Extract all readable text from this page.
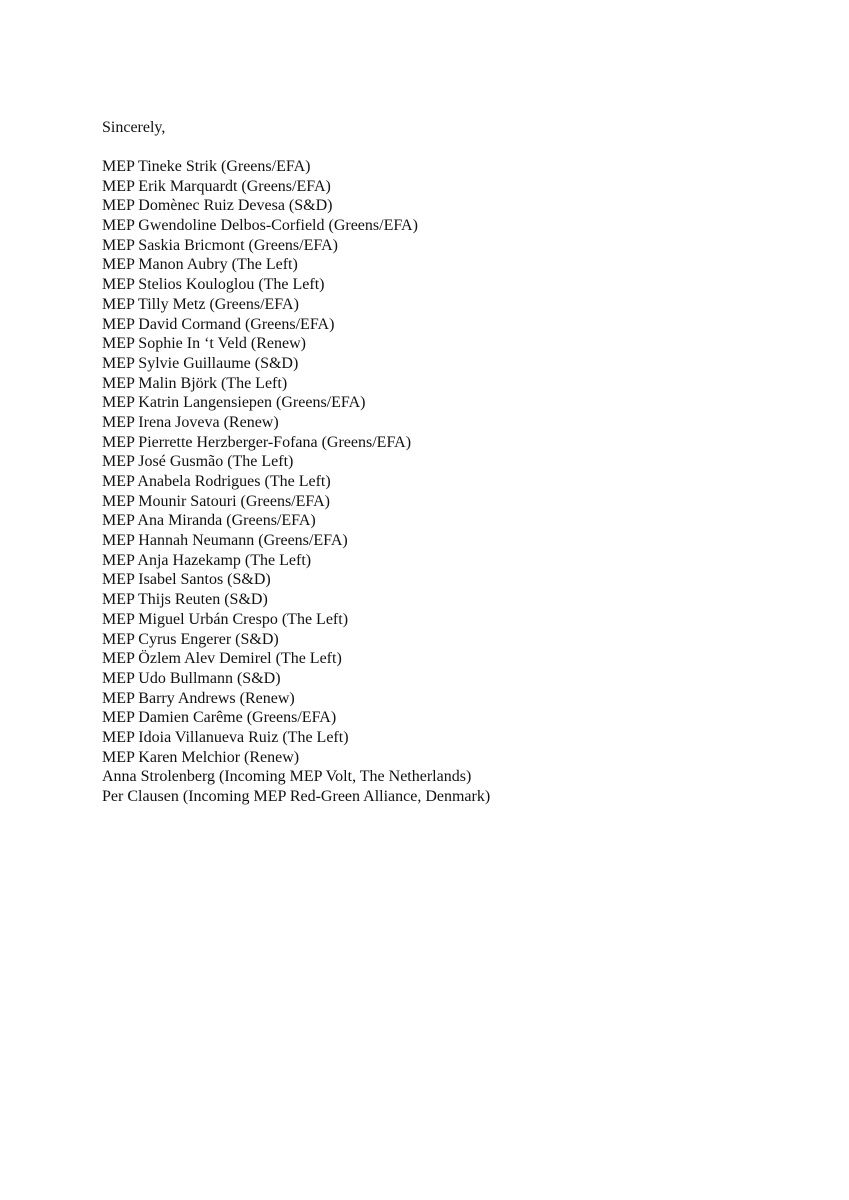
Sincerely,
MEP Tineke Strik (Greens/EFA)
MEP Erik Marquardt (Greens/EFA)
MEP Domènec Ruiz Devesa (S&D)
MEP Gwendoline Delbos-Corfield (Greens/EFA)
MEP Saskia Bricmont (Greens/EFA)
MEP Manon Aubry (The Left)
MEP Stelios Kouloglou (The Left)
MEP Tilly Metz (Greens/EFA)
MEP David Cormand (Greens/EFA)
MEP Sophie In ‘t Veld (Renew)
MEP Sylvie Guillaume (S&D)
MEP Malin Björk (The Left)
MEP Katrin Langensiepen (Greens/EFA)
MEP Irena Joveva (Renew)
MEP Pierrette Herzberger-Fofana (Greens/EFA)
MEP José Gusmão (The Left)
MEP Anabela Rodrigues (The Left)
MEP Mounir Satouri (Greens/EFA)
MEP Ana Miranda (Greens/EFA)
MEP Hannah Neumann (Greens/EFA)
MEP Anja Hazekamp (The Left)
MEP Isabel Santos (S&D)
MEP Thijs Reuten (S&D)
MEP Miguel Urbán Crespo (The Left)
MEP Cyrus Engerer (S&D)
MEP Özlem Alev Demirel (The Left)
MEP Udo Bullmann (S&D)
MEP Barry Andrews (Renew)
MEP Damien Carême (Greens/EFA)
MEP Idoia Villanueva Ruiz (The Left)
MEP Karen Melchior (Renew)
Anna Strolenberg (Incoming MEP Volt, The Netherlands)
Per Clausen (Incoming MEP Red-Green Alliance, Denmark)
